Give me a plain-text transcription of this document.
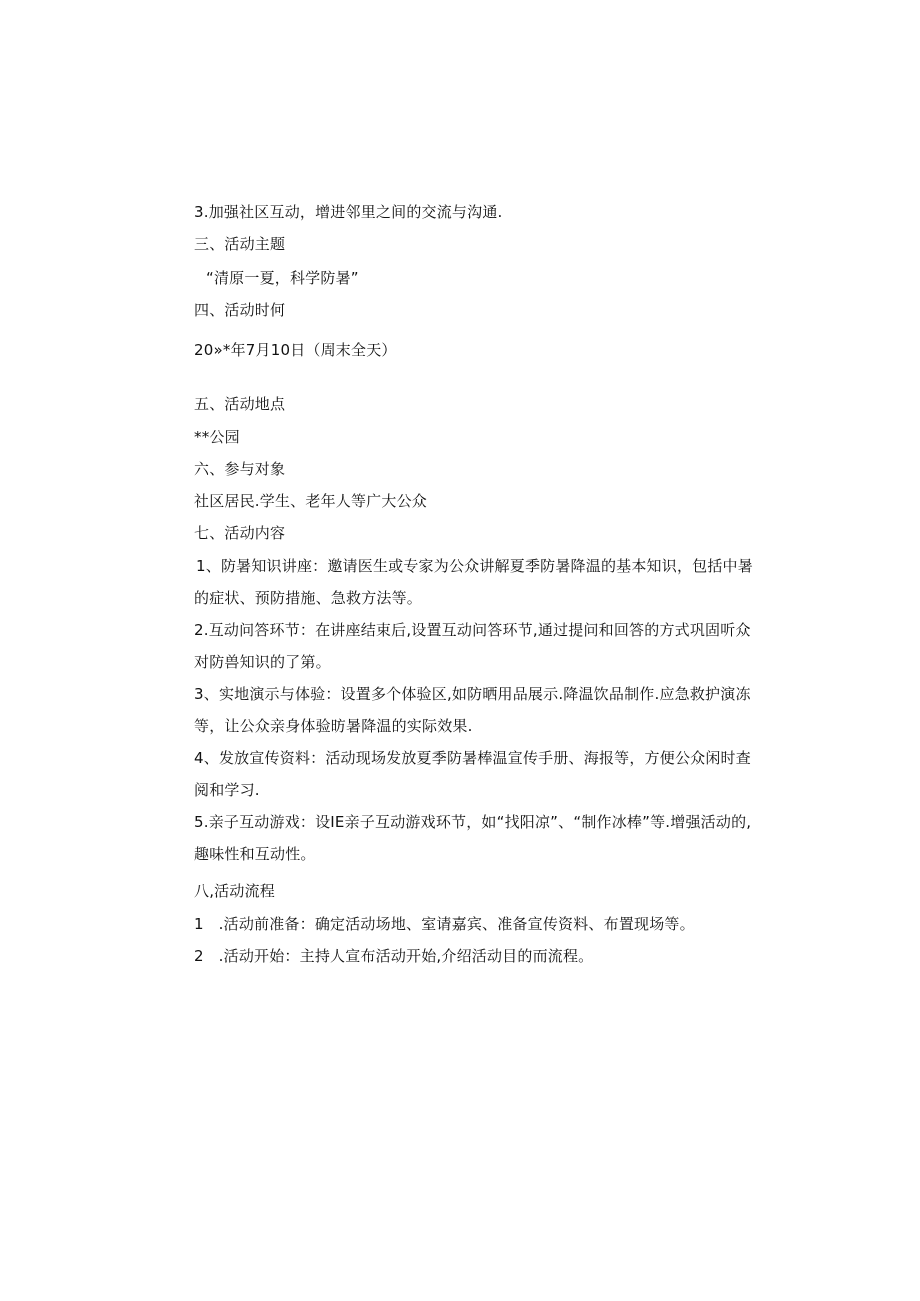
3.加强社区互动，增进邻里之间的交流与沟通.
三、活动主题
“清原一夏，科学防暑”
四、活动时何
20»*年7月10日（周末全天）
五、活动地点
**公园
六、参与对象
社区居民.学生、老年人等广大公众
七、活动内容
1、防暑知识讲座：邀请医生或专家为公众讲解夏季防暑降温的基本知识，包括中暑的症状、预防措施、急救方法等。
2.互动问答环节：在讲座结束后,设置互动问答环节,通过提问和回答的方式巩固听众对防兽知识的了第。
3、实地演示与体验：设置多个体验区,如防晒用品展示.降温饮品制作.应急救护演冻等，让公众亲身体验昉暑降温的实际效果.
4、发放宣传资料：活动现场发放夏季防暑棒温宣传手册、海报等，方便公众闲时查阅和学习.
5.亲子互动游戏：设IE亲子互动游戏环节，如“找阳凉”、“制作冰棒”等.增强活动的,趣味性和互动性。
八,活动流程
1   .活动前准备：确定活动场地、室请嘉宾、准备宣传资料、布置现场等。
2   .活动开始：主持人宣布活动开始,介绍活动目的而流程。
